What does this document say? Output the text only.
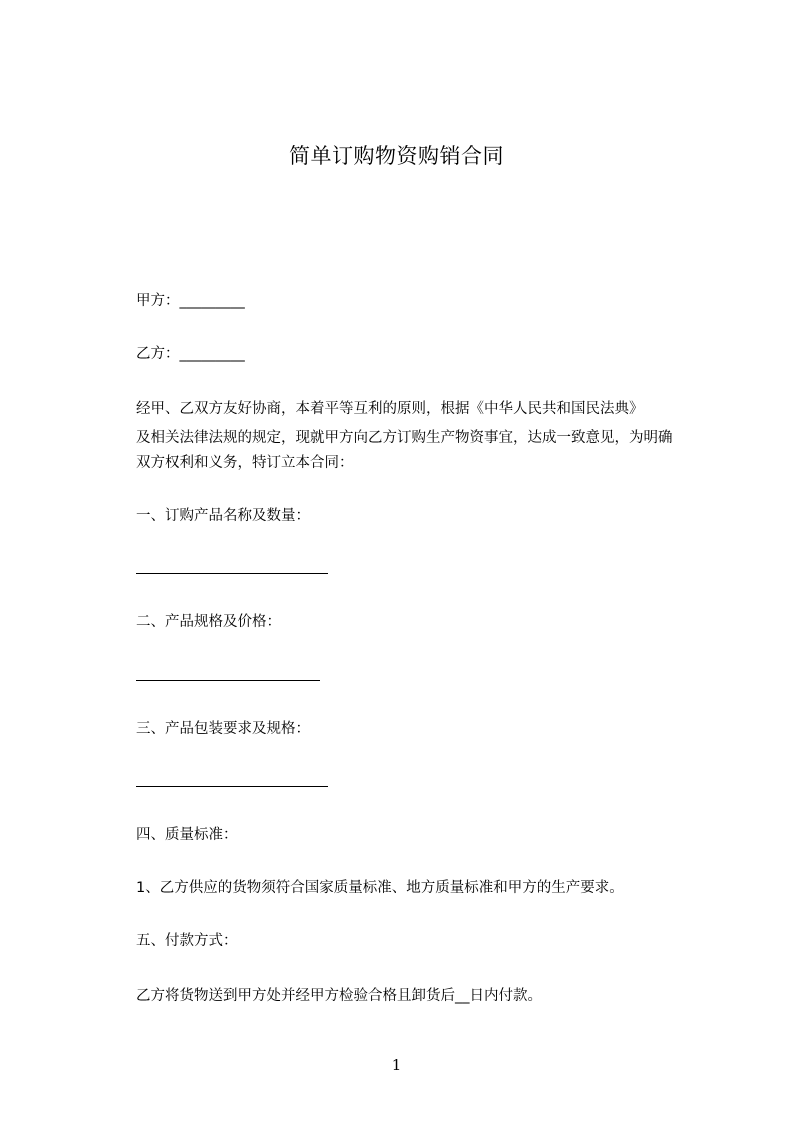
简单订购物资购销合同
甲方：_________
乙方：_________
经甲、乙双方友好协商，本着平等互利的原则，根据《中华人民共和国民法典》
及相关法律法规的规定，现就甲方向乙方订购生产物资事宜，达成一致意见，为明确
双方权利和义务，特订立本合同：
一、订购产品名称及数量：
二、产品规格及价格：
三、产品包装要求及规格：
四、质量标准：
1、乙方供应的货物须符合国家质量标准、地方质量标准和甲方的生产要求。
五、付款方式：
乙方将货物送到甲方处并经甲方检验合格且卸货后__日内付款。
1
